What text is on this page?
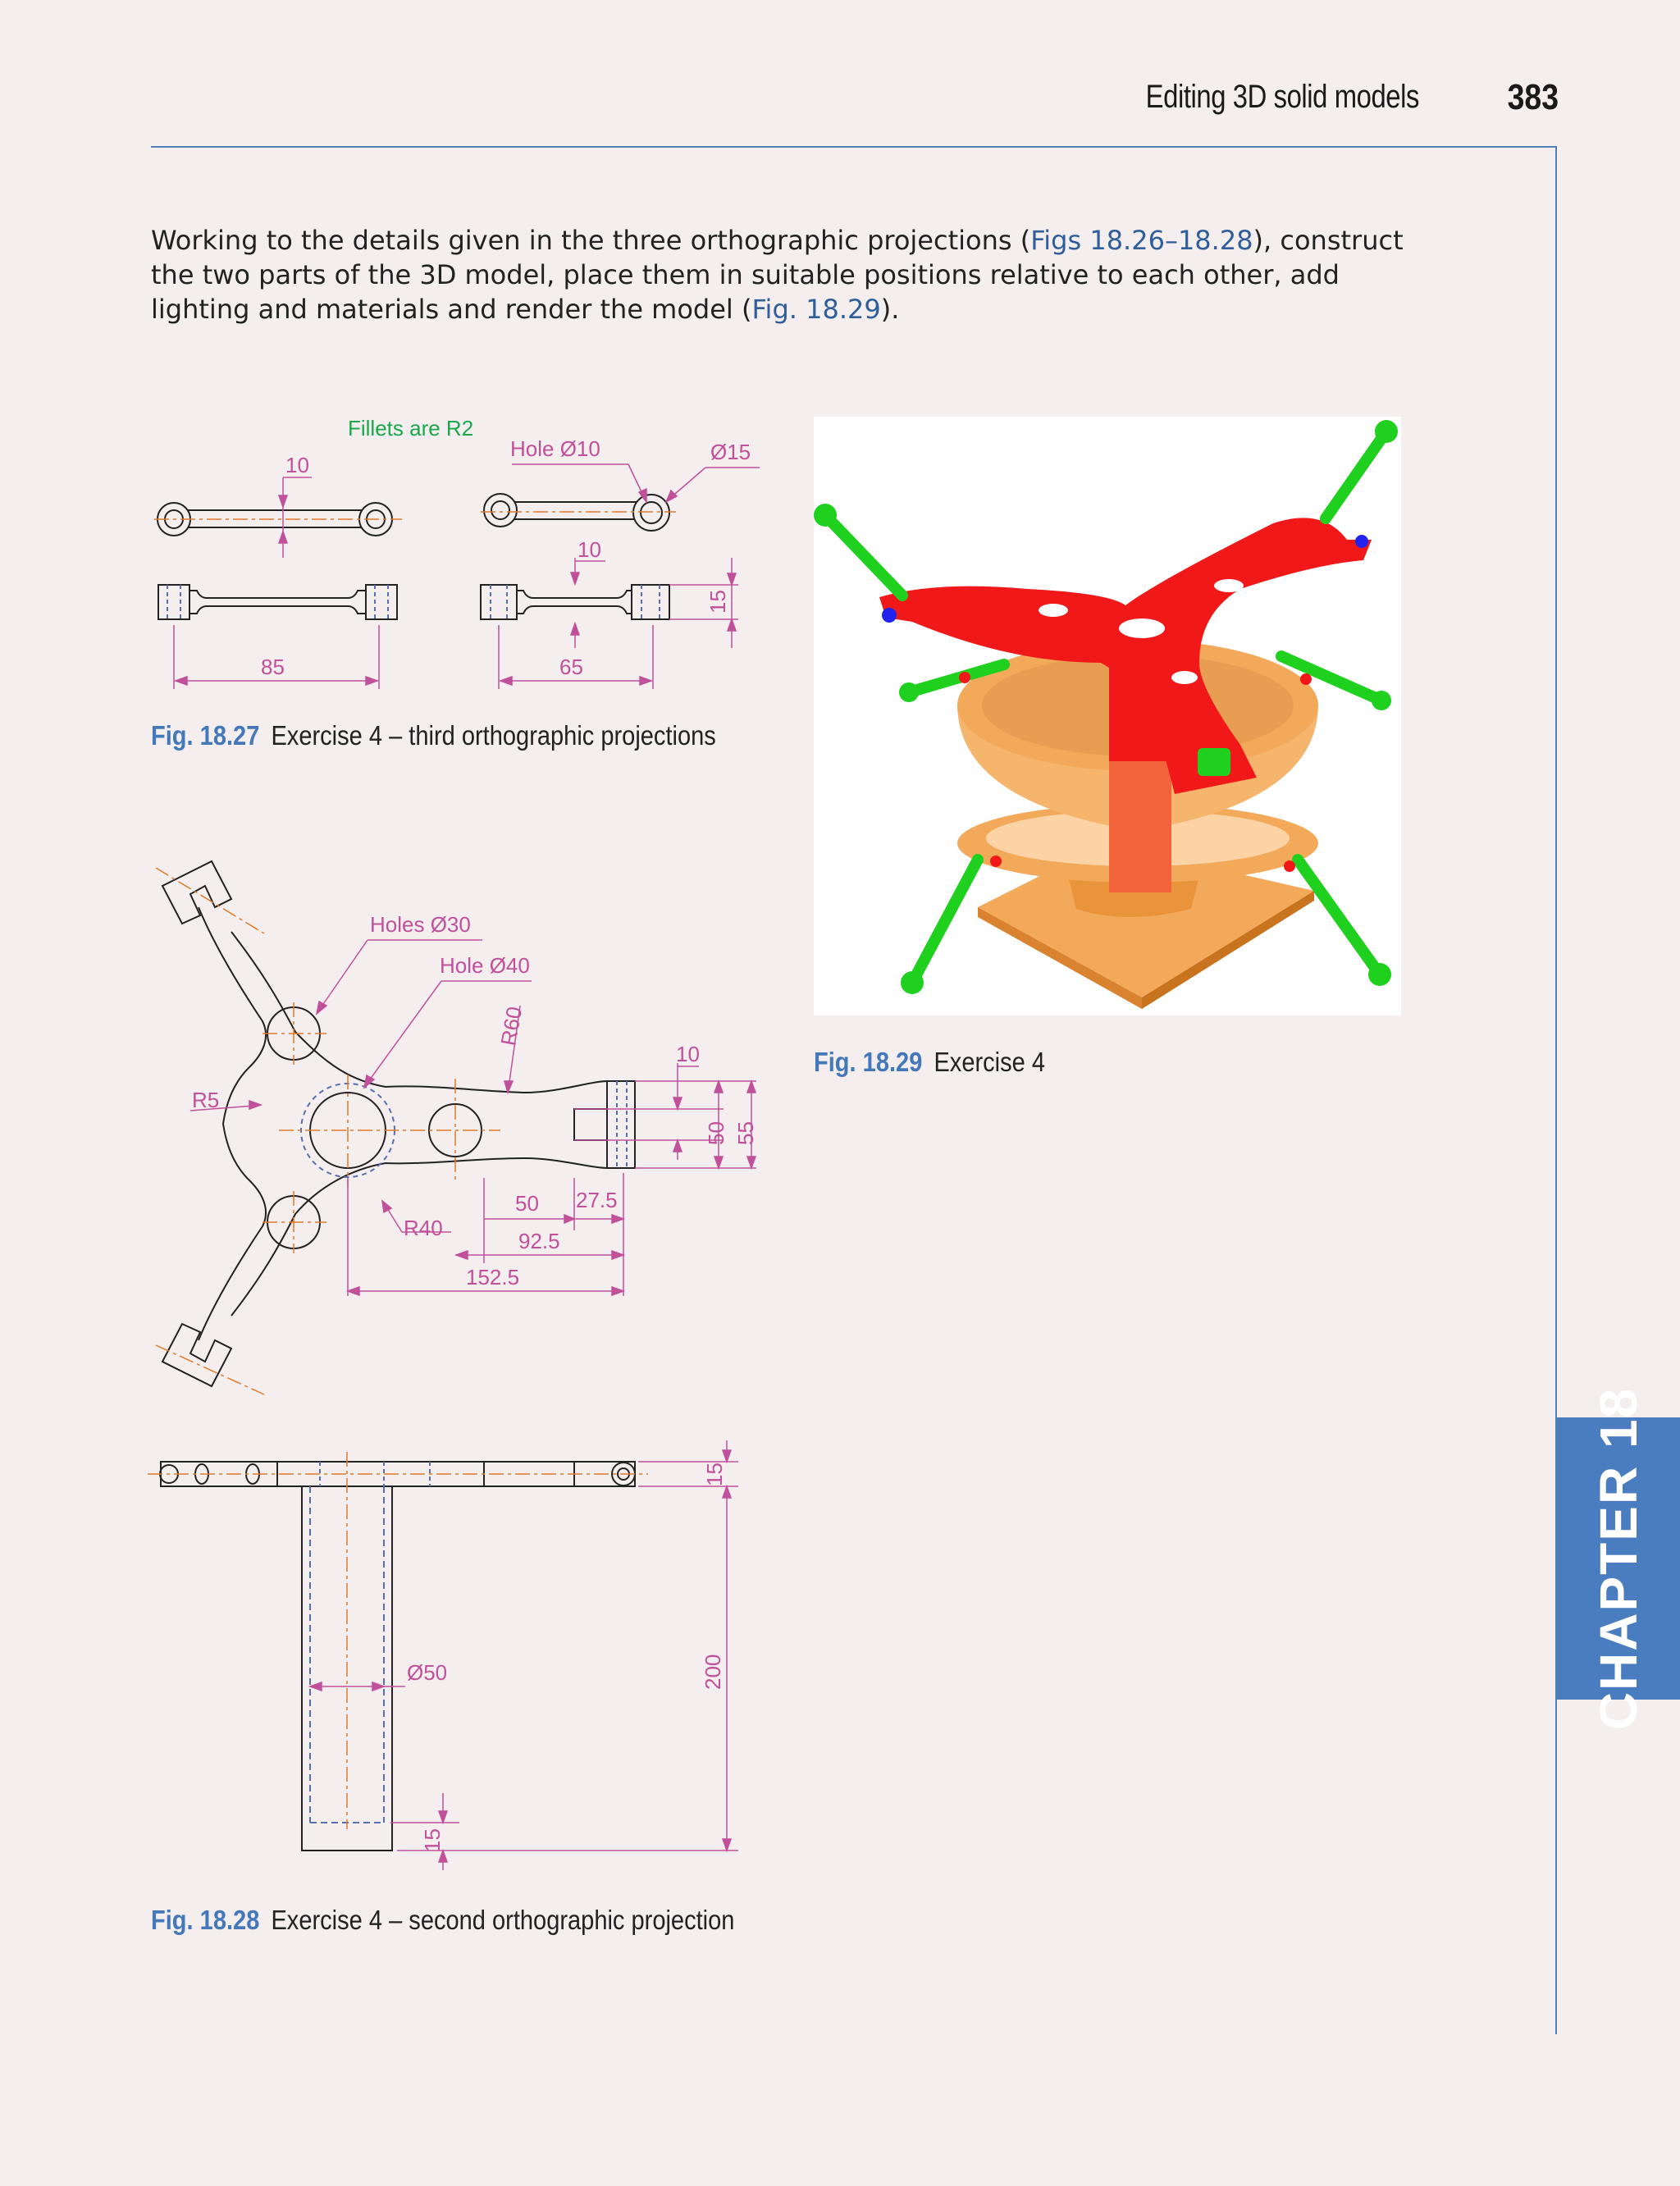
Editing 3D solid models	383
Working to the details given in the three orthographic projections (Figs 18.26–18.28), construct the two parts of the 3D model, place them in suitable positions relative to each other, add lighting and materials and render the model (Fig. 18.29).
Fillets are R2
Hole Ø10	Ø15
10
10
15
85	65
Fig. 18.27 Exercise 4 – third orthographic projections
Holes Ø30
Hole Ø40
R60
R5
R40
10
50 55
50 27.5
92.5
152.5
15
200
Ø50
15
Fig. 18.28 Exercise 4 – second orthographic projection
Fig. 18.29 Exercise 4
CHAPTER 18
